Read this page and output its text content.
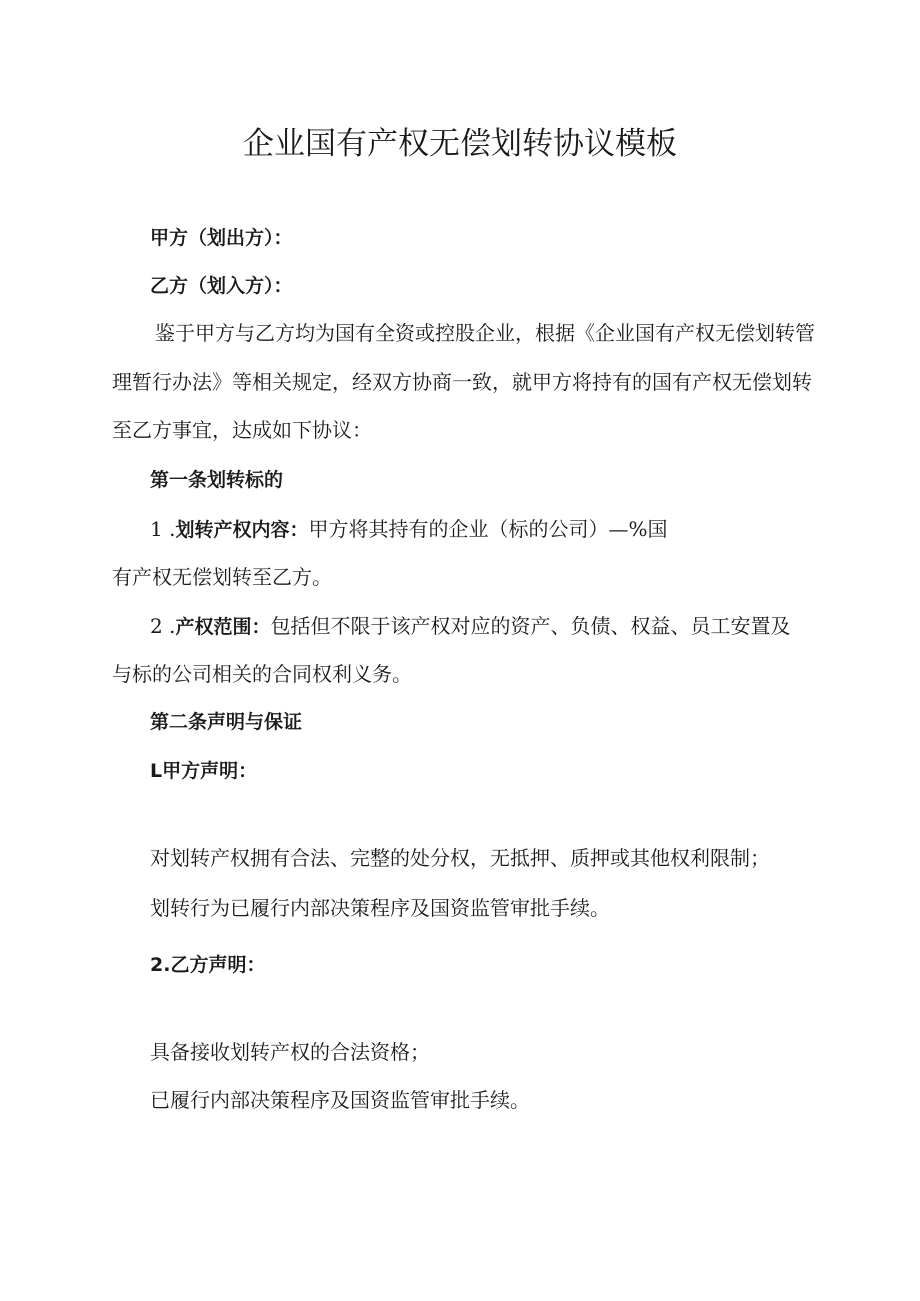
企业国有产权无偿划转协议模板
甲方（划出方）：
乙方（划入方）：
鉴于甲方与乙方均为国有全资或控股企业，根据《企业国有产权无偿划转管
理暂行办法》等相关规定，经双方协商一致，就甲方将持有的国有产权无偿划转
至乙方事宜，达成如下协议：
第一条划转标的
1 .划转产权内容：甲方将其持有的企业（标的公司）—%国
有产权无偿划转至乙方。
2 .产权范围：包括但不限于该产权对应的资产、负债、权益、员工安置及
与标的公司相关的合同权利义务。
第二条声明与保证
L甲方声明：
对划转产权拥有合法、完整的处分权，无抵押、质押或其他权利限制；
划转行为已履行内部决策程序及国资监管审批手续。
2.乙方声明：
具备接收划转产权的合法资格；
已履行内部决策程序及国资监管审批手续。
